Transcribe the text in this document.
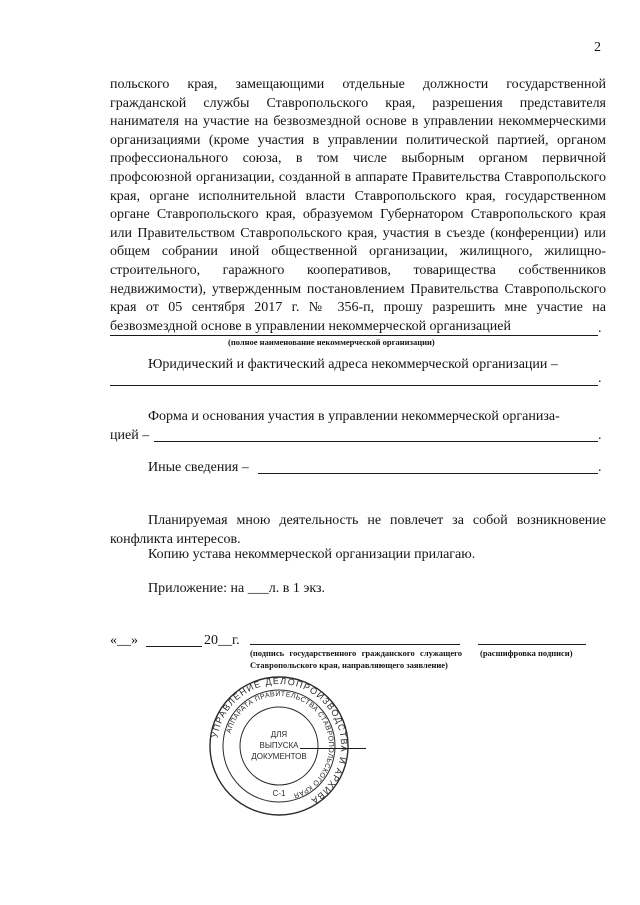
2
польского края, замещающими отдельные должности государственной гражданской службы Ставропольского края, разрешения представителя нанимателя на участие на безвозмездной основе в управлении некоммерческими организациями (кроме участия в управлении политической партией, органом профессионального союза, в том числе выборным органом первичной профсоюзной организации, созданной в аппарате Правительства Ставропольского края, органе исполнительной власти Ставропольского края, государственном органе Ставропольского края, образуемом Губернатором Ставропольского края или Правительством Ставропольского края, участия в съезде (конференции) или общем собрании иной общественной организации, жилищного, жилищно-строительного, гаражного кооперативов, товарищества собственников недвижимости), утвержденным постановлением Правительства Ставропольского края от 05 сентября 2017 г. № 356-п, прошу разрешить мне участие на безвозмездной основе в управлении некоммерческой организацией	.
(полное наименование некоммерческой организации)
Юридический и фактический адреса некоммерческой организации –
.
Форма и основания участия в управлении некоммерческой организа-
цией –	.
Иные сведения –	.
Планируемая мною деятельность не повлечет за собой возникновение конфликта интересов.
Копию устава некоммерческой организации прилагаю.
Приложение: на ___л. в 1 экз.
«__»	20__г.
(подпись государственного гражданского служащего Ставропольского края, направляющего заявление)
(расшифровка подписи)
УПРАВЛЕНИЕ ДЕЛОПРОИЗВОДСТВА И АРХИВА
АППАРАТА ПРАВИТЕЛЬСТВА СТАВРОПОЛЬСКОГО КРАЯ
ДЛЯ
ВЫПУСКА
ДОКУМЕНТОВ
С-1
